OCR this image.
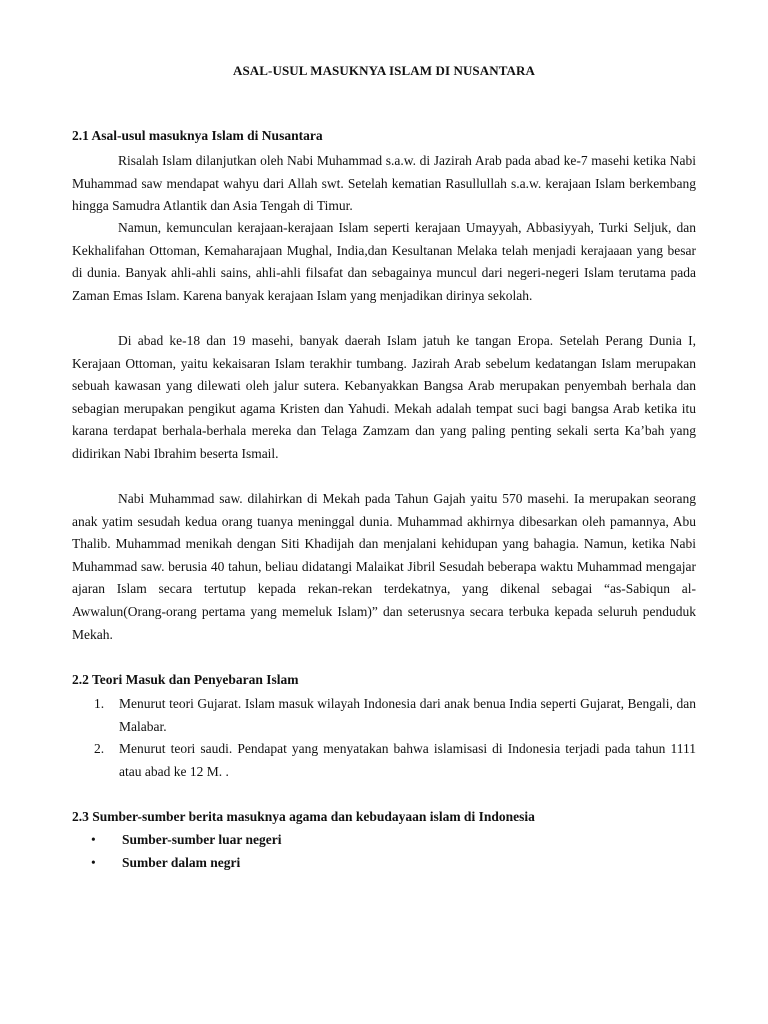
ASAL-USUL MASUKNYA ISLAM DI NUSANTARA
2.1 Asal-usul masuknya Islam di Nusantara

Risalah Islam dilanjutkan oleh Nabi Muhammad s.a.w. di Jazirah Arab pada abad ke-7 masehi ketika Nabi Muhammad saw mendapat wahyu dari Allah swt. Setelah kematian Rasullullah s.a.w. kerajaan Islam berkembang hingga Samudra Atlantik dan Asia Tengah di Timur.

Namun, kemunculan kerajaan-kerajaan Islam seperti kerajaan Umayyah, Abbasiyyah, Turki Seljuk, dan Kekhalifahan Ottoman, Kemaharajaan Mughal, India,dan Kesultanan Melaka telah menjadi kerajaaan yang besar di dunia. Banyak ahli-ahli sains, ahli-ahli filsafat dan sebagainya muncul dari negeri-negeri Islam terutama pada Zaman Emas Islam. Karena banyak kerajaan Islam yang menjadikan dirinya sekolah.

Di abad ke-18 dan 19 masehi, banyak daerah Islam jatuh ke tangan Eropa. Setelah Perang Dunia I, Kerajaan Ottoman, yaitu kekaisaran Islam terakhir tumbang. Jazirah Arab sebelum kedatangan Islam merupakan sebuah kawasan yang dilewati oleh jalur sutera. Kebanyakkan Bangsa Arab merupakan penyembah berhala dan sebagian merupakan pengikut agama Kristen dan Yahudi. Mekah adalah tempat suci bagi bangsa Arab ketika itu karana terdapat berhala-berhala mereka dan Telaga Zamzam dan yang paling penting sekali serta Ka’bah yang didirikan Nabi Ibrahim beserta Ismail.

Nabi Muhammad saw. dilahirkan di Mekah pada Tahun Gajah yaitu 570 masehi. Ia merupakan seorang anak yatim sesudah kedua orang tuanya meninggal dunia. Muhammad akhirnya dibesarkan oleh pamannya, Abu Thalib. Muhammad menikah dengan Siti Khadijah dan menjalani kehidupan yang bahagia. Namun, ketika Nabi Muhammad saw. berusia 40 tahun, beliau didatangi Malaikat Jibril Sesudah beberapa waktu Muhammad mengajar ajaran Islam secara tertutup kepada rekan-rekan terdekatnya, yang dikenal sebagai “as-Sabiqun al-Awwalun(Orang-orang pertama yang memeluk Islam)” dan seterusnya secara terbuka kepada seluruh penduduk Mekah.

2.2 Teori Masuk dan Penyebaran Islam
1. Menurut teori Gujarat. Islam masuk wilayah Indonesia dari anak benua India seperti Gujarat, Bengali, dan Malabar.
2. Menurut teori saudi. Pendapat yang menyatakan bahwa islamisasi di Indonesia terjadi pada tahun 1111 atau abad ke 12 M. .
2.3 Sumber-sumber berita masuknya agama dan kebudayaan islam di Indonesia
• Sumber-sumber luar negeri
• Sumber dalam negri
